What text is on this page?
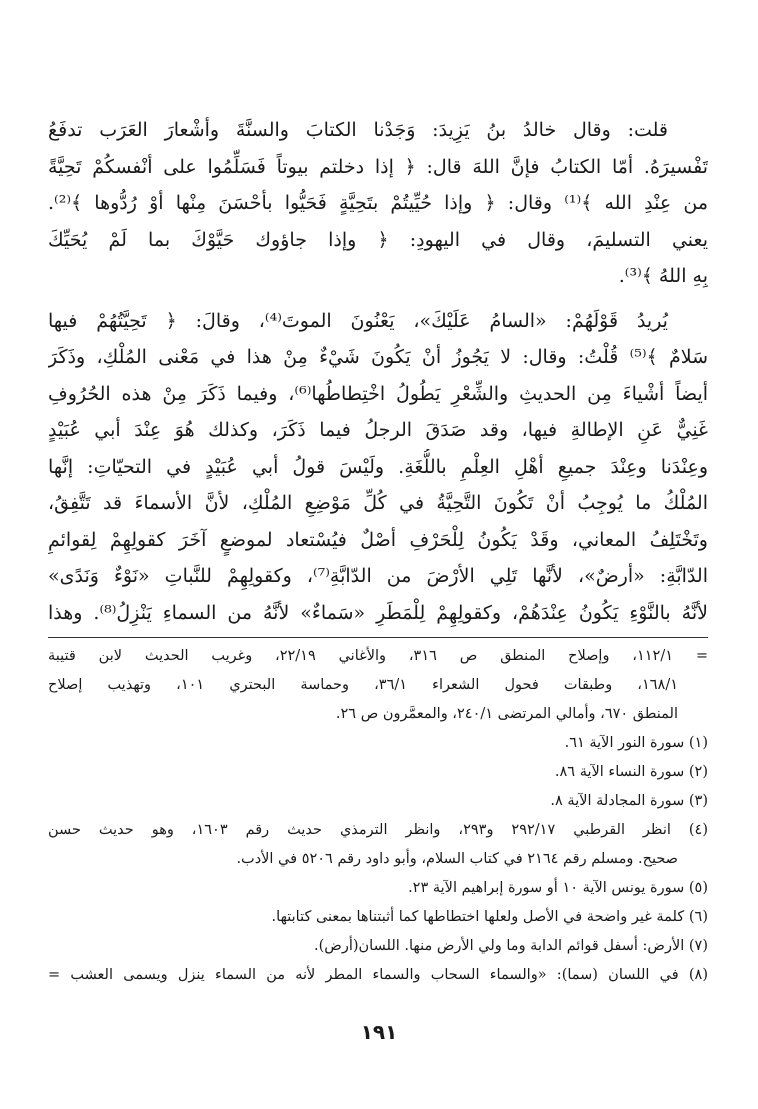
قلت: وقال خالدُ بنُ يَزِيدَ: وَجَدْنا الكتابَ والسنَّةَ وأشْعارَ العَرَب تدفَعُ
تَفْسيرَهُ. أمّا الكتابُ فإنَّ اللهَ قال: ﴿ إذا دخلتم بيوتاً فَسَلِّمُوا على أنْفسكُمْ تَحِيَّةً
من عِنْدِ الله ﴾⁽¹⁾ وقال: ﴿ وإذا حُيِّيتُمْ بتَحِيَّةٍ فَحَيُّوا بأحْسَنَ مِنْها أوْ رُدُّوها ﴾⁽²⁾.
يعني التسليمَ، وقال في اليهودِ: ﴿ وإذا جاؤوك حَيَّوْكَ بما لَمْ يُحَيِّكَ
بِهِ اللهُ ﴾⁽³⁾.
يُريدُ قَوْلَهُمْ: «السامُ عَلَيْكَ»، يَعْنُونَ الموتَ⁽⁴⁾، وقالَ: ﴿ تَحِيَّتُهُمْ فيها
سَلامٌ ﴾⁽⁵⁾ قُلْتُ: وقال: لا يَجُوزُ أنْ يَكُونَ شَيْءٌ مِنْ هذا في مَعْنى المُلْكِ، وذَكَرَ
أيضاً أشْياءَ مِن الحديثِ والشِّعْرِ يَطُولُ اخْتِطاطُها⁽⁶⁾، وفيما ذَكَرَ مِنْ هذه الحُرُوفِ
غَنِيٌّ عَنِ الإطالةِ فيها، وقد صَدَقَ الرجلُ فيما ذَكَرَ، وكذلك هُوَ عِنْدَ أبي عُبَيْدٍ
وعِنْدَنا وعِنْدَ جميعِ أهْلِ العِلْمِ باللُّغَةِ. ولَيْسَ قولُ أبي عُبَيْدٍ في التحيّاتِ: إنَّها
المُلْكُ ما يُوجِبُ أنْ تَكُونَ التَّحِيَّةُ في كُلِّ مَوْضِعِ المُلْكِ، لأنَّ الأسماءَ قد تَتَّفِقُ،
وتَخْتَلِفُ المعاني، وقَدْ يَكُونُ لِلْحَرْفِ أصْلٌ فيُسْتعاد لموضعٍ آخَرَ كقولِهِمْ لِقوائمِ
الدّابَّةِ: «أرضٌ»، لأنَّها تَلِي الأرْضَ من الدّابَّةِ⁽⁷⁾، وكقولِهِمْ للنَّباتِ «نَوْءٌ وَنَدًى»
لأنَّهُ بالنَّوْءِ يَكُونُ عِنْدَهُمْ، وكقولِهِمْ لِلْمَطَرِ «سَماءٌ» لأنَّهُ من السماءِ يَنْزِلُ⁽⁸⁾. وهذا
= ١١٢/١، وإصلاح المنطق ص ٣١٦، والأغاني ٢٢/١٩، وغريب الحديث لابن قتيبة
١٦٨/١، وطبقات فحول الشعراء ٣٦/١، وحماسة البحتري ١٠١، وتهذيب إصلاح
المنطق ٦٧٠، وأمالي المرتضى ٢٤٠/١، والمعمَّرون ص ٢٦.
(١) سورة النور الآية ٦١.
(٢) سورة النساء الآية ٨٦.
(٣) سورة المجادلة الآية ٨.
(٤) انظر القرطبي ٢٩٢/١٧ و٢٩٣، وانظر الترمذي حديث رقم ١٦٠٣، وهو حديث حسن
صحيح. ومسلم رقم ٢١٦٤ في كتاب السلام، وأبو داود رقم ٥٢٠٦ في الأدب.
(٥) سورة يونس الآية ١٠ أو سورة إبراهيم الآية ٢٣.
(٦) كلمة غير واضحة في الأصل ولعلها اختطاطها كما أثبتناها بمعنى كتابتها.
(٧) الأرض: أسفل قوائم الدابة وما ولي الأرض منها. اللسان(أرض).
(٨) في اللسان (سما): «والسماء السحاب والسماء المطر لأنه من السماء ينزل ويسمى العشب =
١٩١
